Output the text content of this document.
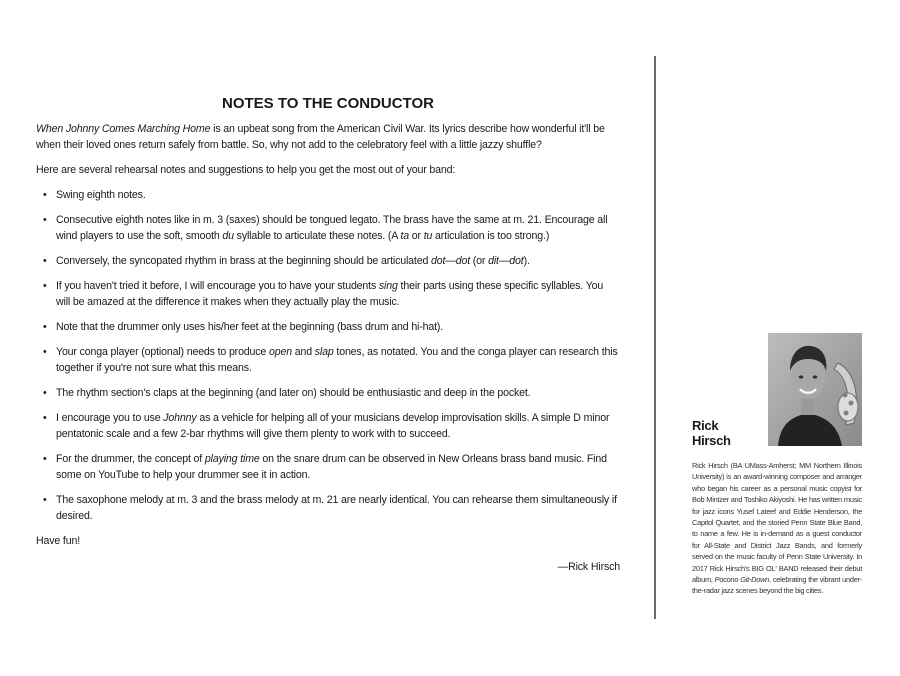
NOTES TO THE CONDUCTOR

When Johnny Comes Marching Home is an upbeat song from the American Civil War. Its lyrics describe how wonderful it'll be when their loved ones return safely from battle. So, why not add to the celebratory feel with a little jazzy shuffle?

Here are several rehearsal notes and suggestions to help you get the most out of your band:

• Swing eighth notes.
• Consecutive eighth notes like in m. 3 (saxes) should be tongued legato. The brass have the same at m. 21. Encourage all wind players to use the soft, smooth du syllable to articulate these notes. (A ta or tu articulation is too strong.)
• Conversely, the syncopated rhythm in brass at the beginning should be articulated dot—dot (or dit—dot).
• If you haven't tried it before, I will encourage you to have your students sing their parts using these specific syllables. You will be amazed at the difference it makes when they actually play the music.
• Note that the drummer only uses his/her feet at the beginning (bass drum and hi-hat).
• Your conga player (optional) needs to produce open and slap tones, as notated. You and the conga player can research this together if you're not sure what this means.
• The rhythm section's claps at the beginning (and later on) should be enthusiastic and deep in the pocket.
• I encourage you to use Johnny as a vehicle for helping all of your musicians develop improvisation skills. A simple D minor pentatonic scale and a few 2-bar rhythms will give them plenty to work with to succeed.
• For the drummer, the concept of playing time on the snare drum can be observed in New Orleans brass band music. Find some on YouTube to help your drummer see it in action.
• The saxophone melody at m. 3 and the brass melody at m. 21 are nearly identical. You can rehearse them simultaneously if desired.

Have fun!

—Rick Hirsch
Rick
Hirsch
Rick Hirsch (BA UMass-Amherst; MM Northern Illinois University) is an award-winning composer and arranger who began his career as a personal music copyist for Bob Mintzer and Toshiko Akiyoshi. He has written music for jazz icons Yusef Lateef and Eddie Henderson, the Capitol Quartet, and the storied Penn State Blue Band, to name a few. He is in-demand as a guest conductor for All-State and District Jazz Bands, and formerly served on the music faculty of Penn State University. In 2017 Rick Hirsch's BIG OL' BAND released their debut album, Pocono Git-Down, celebrating the vibrant under-the-radar jazz scenes beyond the big cities.
